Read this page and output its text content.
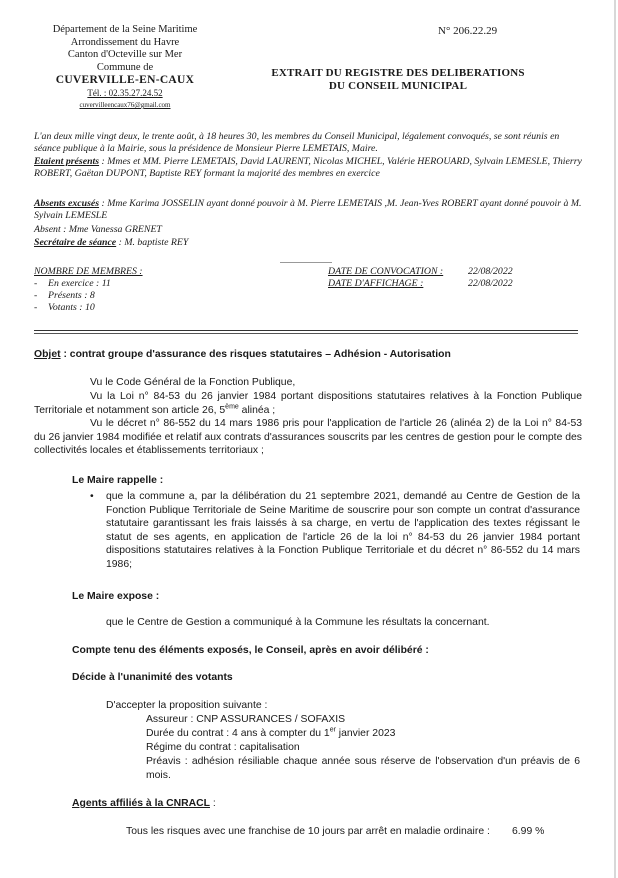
Département de la Seine Maritime
Arrondissement du Havre
Canton d'Octeville sur Mer
Commune de
CUVERVILLE-EN-CAUX
Tél. : 02.35.27.24.52
cuvervilleencaux76@gmail.com
N° 206.22.29
EXTRAIT DU REGISTRE DES DELIBERATIONS
DU CONSEIL MUNICIPAL
L'an deux mille vingt deux, le trente août, à 18 heures 30, les membres du Conseil Municipal, légalement convoqués, se sont réunis en séance publique à la Mairie, sous la présidence de Monsieur Pierre LEMETAIS, Maire.
Etaient présents : Mmes et MM. Pierre LEMETAIS, David LAURENT, Nicolas MICHEL, Valérie HEROUARD, Sylvain LEMESLE, Thierry ROBERT, Gaëtan DUPONT, Baptiste REY formant la majorité des membres en exercice
Absents excusés : Mme Karima JOSSELIN ayant donné pouvoir à M. Pierre LEMETAIS ,M. Jean-Yves ROBERT ayant donné pouvoir à M. Sylvain LEMESLE
Absent : Mme Vanessa GRENET
Secrétaire de séance : M. baptiste REY
NOMBRE DE MEMBRES :
- En exercice : 11
- Présents : 8
- Votants : 10
DATE DE CONVOCATION :	22/08/2022
DATE D'AFFICHAGE :	22/08/2022
Objet : contrat groupe d'assurance des risques statutaires – Adhésion - Autorisation
Vu le Code Général de la Fonction Publique,
Vu la Loi n° 84-53 du 26 janvier 1984 portant dispositions statutaires relatives à la Fonction Publique Territoriale et notamment son article 26, 5ème alinéa ;
Vu le décret n° 86-552 du 14 mars 1986 pris pour l'application de l'article 26 (alinéa 2) de la Loi n° 84-53 du 26 janvier 1984 modifiée et relatif aux contrats d'assurances souscrits par les centres de gestion pour le compte des collectivités locales et établissements territoriaux ;
Le Maire rappelle :
• que la commune a, par la délibération du 21 septembre 2021, demandé au Centre de Gestion de la Fonction Publique Territoriale de Seine Maritime de souscrire pour son compte un contrat d'assurance statutaire garantissant les frais laissés à sa charge, en vertu de l'application des textes régissant le statut de ses agents, en application de l'article 26 de la loi n° 84-53 du 26 janvier 1984 portant dispositions statutaires relatives à la Fonction Publique Territoriale et du décret n° 86-552 du 14 mars 1986;
Le Maire expose :
que le Centre de Gestion a communiqué à la Commune les résultats la concernant.
Compte tenu des éléments exposés, le Conseil, après en avoir délibéré :
Décide à l'unanimité des votants
D'accepter la proposition suivante :
Assureur : CNP ASSURANCES / SOFAXIS
Durée du contrat : 4 ans à compter du 1er janvier 2023
Régime du contrat : capitalisation
Préavis : adhésion résiliable chaque année sous réserve de l'observation d'un préavis de 6 mois.
Agents affiliés à la CNRACL :
Tous les risques avec une franchise de 10 jours par arrêt en maladie ordinaire : 6.99 %
